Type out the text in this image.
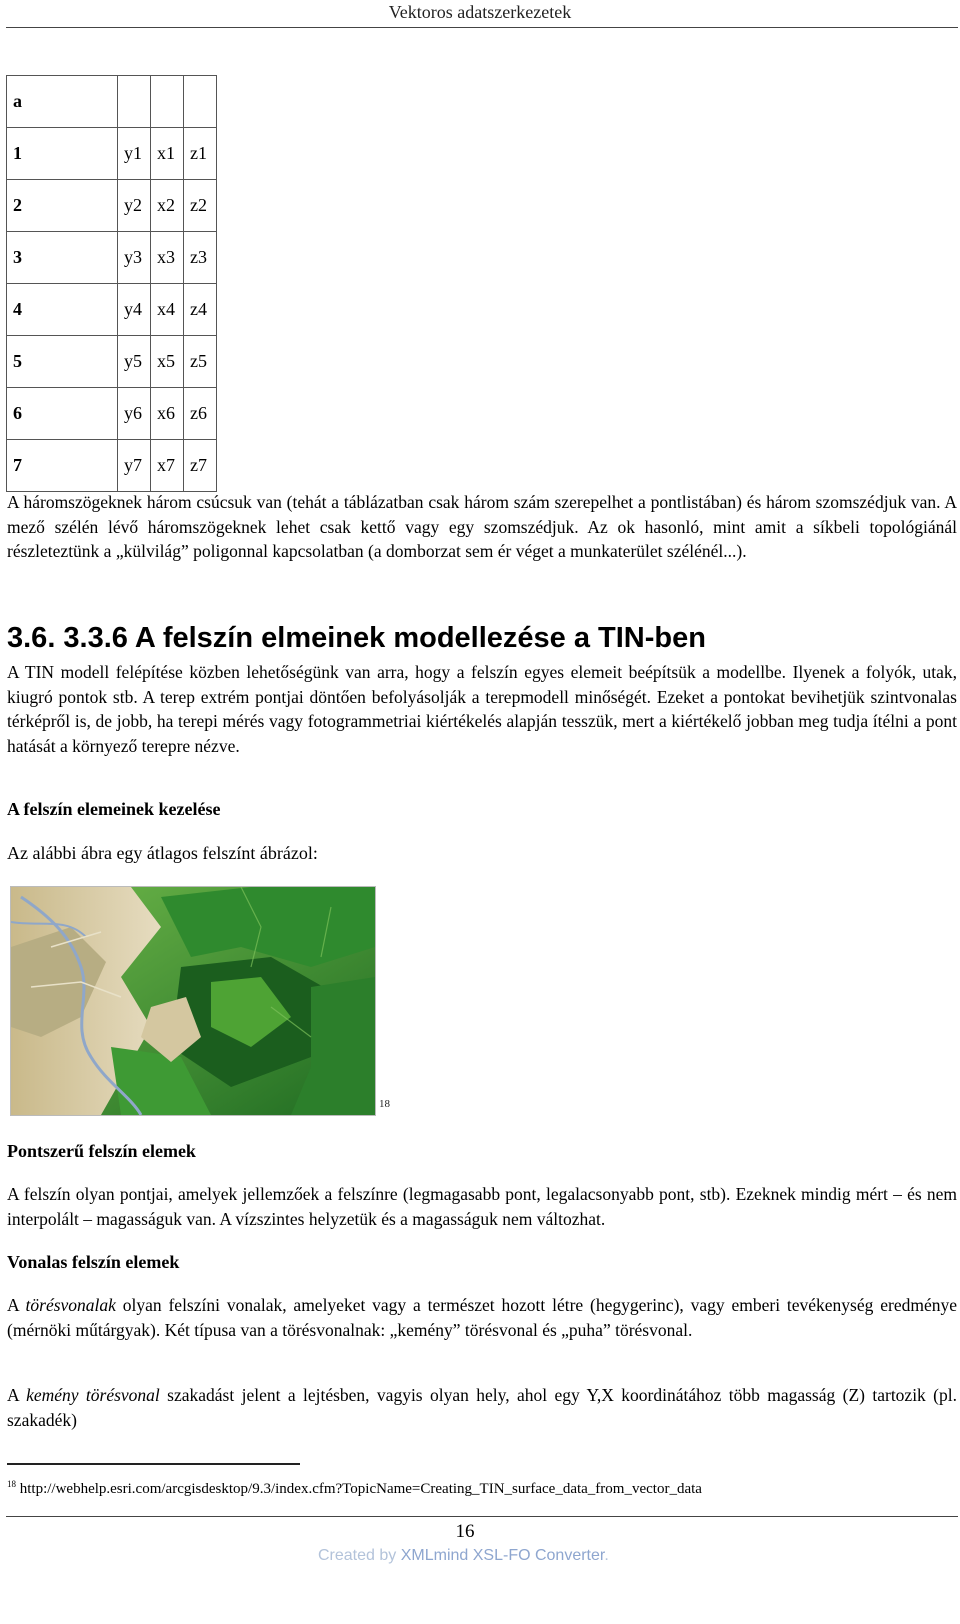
Vektoros adatszerkezetek
a			
1	y1	x1	z1
2	y2	x2	z2
3	y3	x3	z3
4	y4	x4	z4
5	y5	x5	z5
6	y6	x6	z6
7	y7	x7	z7

A háromszögeknek három csúcsuk van (tehát a táblázatban csak három szám szerepelhet a pontlistában) és három szomszédjuk van. A mező szélén lévő háromszögeknek lehet csak kettő vagy egy szomszédjuk. Az ok hasonló, mint amit a síkbeli topológiánál részleteztünk a „külvilág” poligonnal kapcsolatban (a domborzat sem ér véget a munkaterület szélénél...).

3.6. 3.3.6 A felszín elmeinek modellezése a TIN-ben

A TIN modell felépítése közben lehetőségünk van arra, hogy a felszín egyes elemeit beépítsük a modellbe. Ilyenek a folyók, utak, kiugró pontok stb. A terep extrém pontjai döntően befolyásolják a terepmodell minőségét. Ezeket a pontokat bevihetjük szintvonalas térképről is, de jobb, ha terepi mérés vagy fotogrammetriai kiértékelés alapján tesszük, mert a kiértékelő jobban meg tudja ítélni a pont hatását a környező terepre nézve.

A felszín elemeinek kezelése
Az alábbi ábra egy átlagos felszínt ábrázol:
18
Pontszerű felszín elemek

A felszín olyan pontjai, amelyek jellemzőek a felszínre (legmagasabb pont, legalacsonyabb pont, stb). Ezeknek mindig mért – és nem interpolált – magasságuk van. A vízszintes helyzetük és a magasságuk nem változhat.

Vonalas felszín elemek

A törésvonalak olyan felszíni vonalak, amelyeket vagy a természet hozott létre (hegygerinc), vagy emberi tevékenység eredménye (mérnöki műtárgyak). Két típusa van a törésvonalnak: „kemény” törésvonal és „puha” törésvonal.

A kemény törésvonal szakadást jelent a lejtésben, vagyis olyan hely, ahol egy Y,X koordinátához több magasság (Z) tartozik (pl. szakadék)

$^{18}$ http://webhelp.esri.com/arcgisdesktop/9.3/index.cfm?TopicName=Creating_TIN_surface_data_from_vector_data
16
Created by XMLmind XSL-FO Converter.
